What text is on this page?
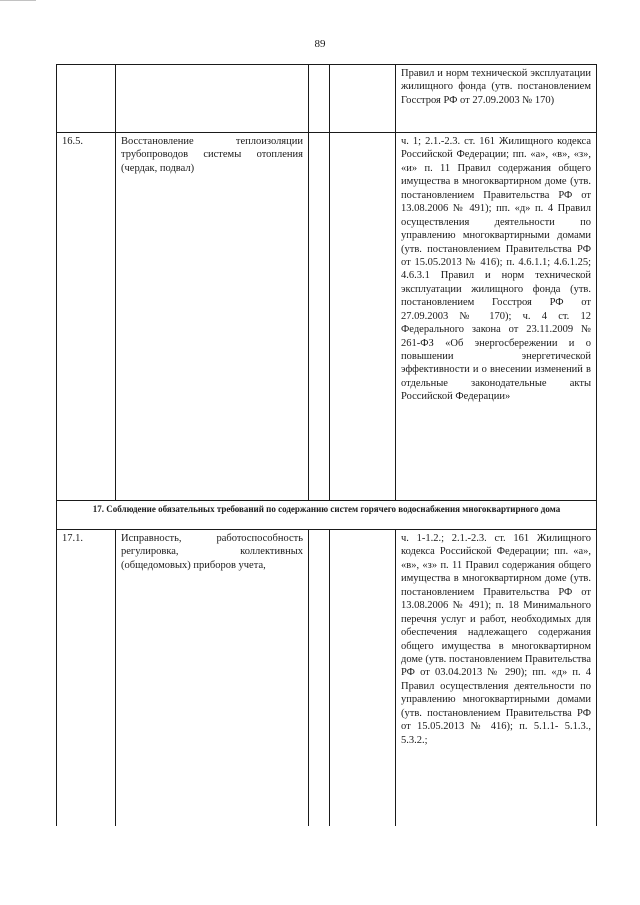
89
				Правил и норм технической эксплуатации жилищного фонда (утв. постановлением Госстроя РФ от 27.09.2003 № 170)
16.5.	Восстановление теплоизоляции трубопроводов системы отопления (чердак, подвал)			ч. 1; 2.1.-2.3. ст. 161 Жилищного кодекса Российской Федерации; пп. «а», «в», «з», «и» п. 11 Правил содержания общего имущества в многоквартирном доме (утв. постановлением Правительства РФ от 13.08.2006 № 491); пп. «д» п. 4 Правил осуществления деятельности по управлению многоквартирными домами (утв. постановлением Правительства РФ от 15.05.2013 № 416); п. 4.6.1.1; 4.6.1.25; 4.6.3.1 Правил и норм технической эксплуатации жилищного фонда (утв. постановлением Госстроя РФ от 27.09.2003 № 170); ч. 4 ст. 12 Федерального закона от 23.11.2009 № 261-ФЗ «Об энергосбережении и о повышении энергетической эффективности и о внесении изменений в отдельные законодательные акты Российской Федерации»
17. Соблюдение обязательных требований по содержанию систем горячего водоснабжения многоквартирного дома				
17.1.	Исправность, работоспособность регулировка, коллективных (общедомовых) приборов учета,			ч. 1-1.2.; 2.1.-2.3. ст. 161 Жилищного кодекса Российской Федерации; пп. «а», «в», «з» п. 11 Правил содержания общего имущества в многоквартирном доме (утв. постановлением Правительства РФ от 13.08.2006 № 491); п. 18 Минимального перечня услуг и работ, необходимых для обеспечения надлежащего содержания общего имущества в многоквартирном доме (утв. постановлением Правительства РФ от 03.04.2013 № 290); пп. «д» п. 4 Правил осуществления деятельности по управлению многоквартирными домами (утв. постановлением Правительства РФ от 15.05.2013 № 416); п. 5.1.1- 5.1.3., 5.3.2.;
